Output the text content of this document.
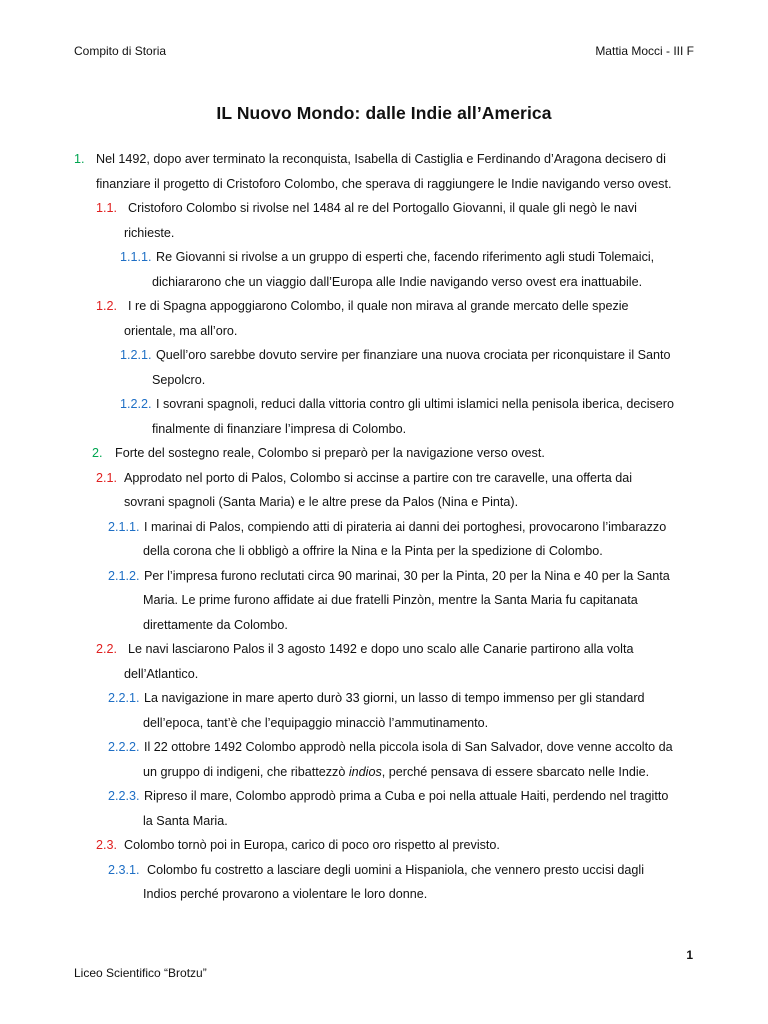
Compito di Storia	Mattia Mocci - III F
IL Nuovo Mondo: dalle Indie all’America
1. Nel 1492, dopo aver terminato la reconquista, Isabella di Castiglia e Ferdinando d’Aragona decisero di
finanziare il progetto di Cristoforo Colombo, che sperava di raggiungere le Indie navigando verso ovest.
1.1. Cristoforo Colombo si rivolse nel 1484 al re del Portogallo Giovanni, il quale gli negò le navi
richieste.
1.1.1. Re Giovanni si rivolse a un gruppo di esperti che, facendo riferimento agli studi Tolemaici,
dichiararono che un viaggio dall’Europa alle Indie navigando verso ovest era inattuabile.
1.2. I re di Spagna appoggiarono Colombo, il quale non mirava al grande mercato delle spezie
orientale, ma all’oro.
1.2.1. Quell’oro sarebbe dovuto servire per finanziare una nuova crociata per riconquistare il Santo
Sepolcro.
1.2.2. I sovrani spagnoli, reduci dalla vittoria contro gli ultimi islamici nella penisola iberica, decisero
finalmente di finanziare l’impresa di Colombo.
2. Forte del sostegno reale, Colombo si preparò per la navigazione verso ovest.
2.1. Approdato nel porto di Palos, Colombo si accinse a partire con tre caravelle, una offerta dai
sovrani spagnoli (Santa Maria) e le altre prese da Palos (Nina e Pinta).
2.1.1. I marinai di Palos, compiendo atti di pirateria ai danni dei portoghesi, provocarono l’imbarazzo
della corona che li obbligò a offrire la Nina e la Pinta per la spedizione di Colombo.
2.1.2. Per l’impresa furono reclutati circa 90 marinai, 30 per la Pinta, 20 per la Nina e 40 per la Santa
Maria. Le prime furono affidate ai due fratelli Pinzòn, mentre la Santa Maria fu capitanata
direttamente da Colombo.
2.2. Le navi lasciarono Palos il 3 agosto 1492 e dopo uno scalo alle Canarie partirono alla volta
dell’Atlantico.
2.2.1. La navigazione in mare aperto durò 33 giorni, un lasso di tempo immenso per gli standard
dell’epoca, tant’è che l’equipaggio minacciò l’ammutinamento.
2.2.2. Il 22 ottobre 1492 Colombo approdò nella piccola isola di San Salvador, dove venne accolto da
un gruppo di indigeni, che ribattezzò indios, perché pensava di essere sbarcato nelle Indie.
2.2.3. Ripreso il mare, Colombo approdò prima a Cuba e poi nella attuale Haiti, perdendo nel tragitto
la Santa Maria.
2.3. Colombo tornò poi in Europa, carico di poco oro rispetto al previsto.
2.3.1. Colombo fu costretto a lasciare degli uomini a Hispaniola, che vennero presto uccisi dagli
Indios perché provarono a violentare le loro donne.
1
Liceo Scientifico “Brotzu”
